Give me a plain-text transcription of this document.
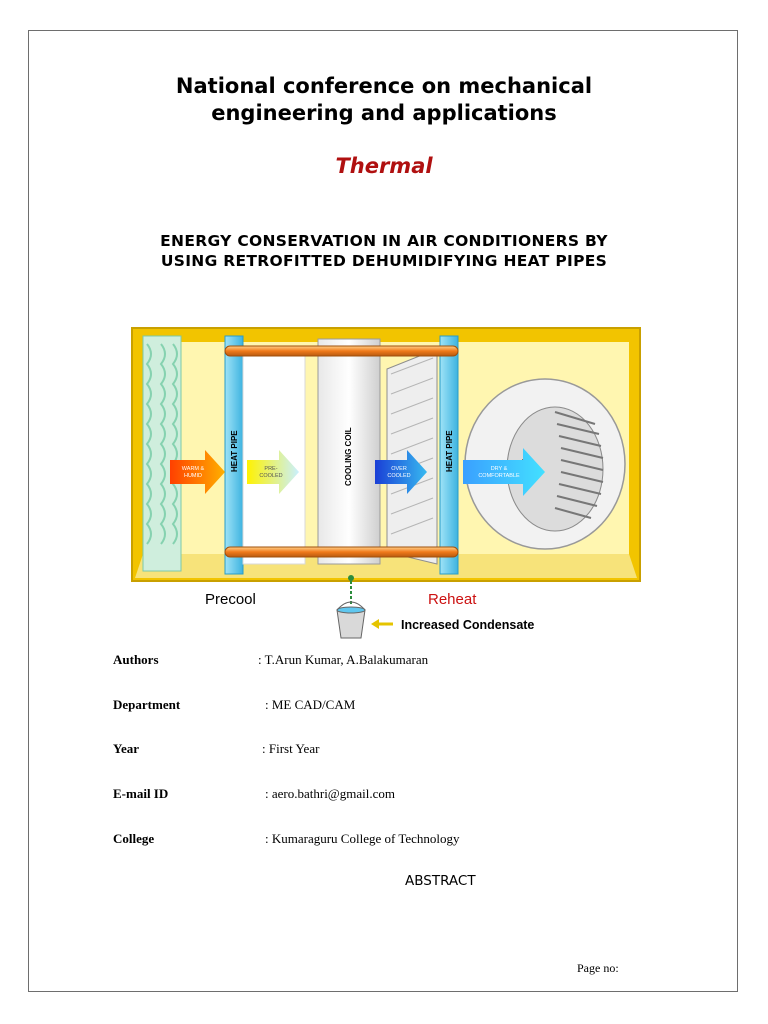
National conference on mechanical
engineering and applications
Thermal
ENERGY CONSERVATION IN AIR CONDITIONERS BY
USING RETROFITTED DEHUMIDIFYING HEAT PIPES
HEAT PIPE	COOLING COIL	HEAT PIPE
WARM &
HUMID
PRE-
COOLED
OVER
COOLED
DRY &
COMFORTABLE
Precool	Reheat
Increased Condensate
Authors	: T.Arun Kumar, A.Balakumaran
Department	: ME CAD/CAM
Year	: First Year
E-mail ID	: aero.bathri@gmail.com
College	: Kumaraguru College of Technology
ABSTRACT
Page no:
